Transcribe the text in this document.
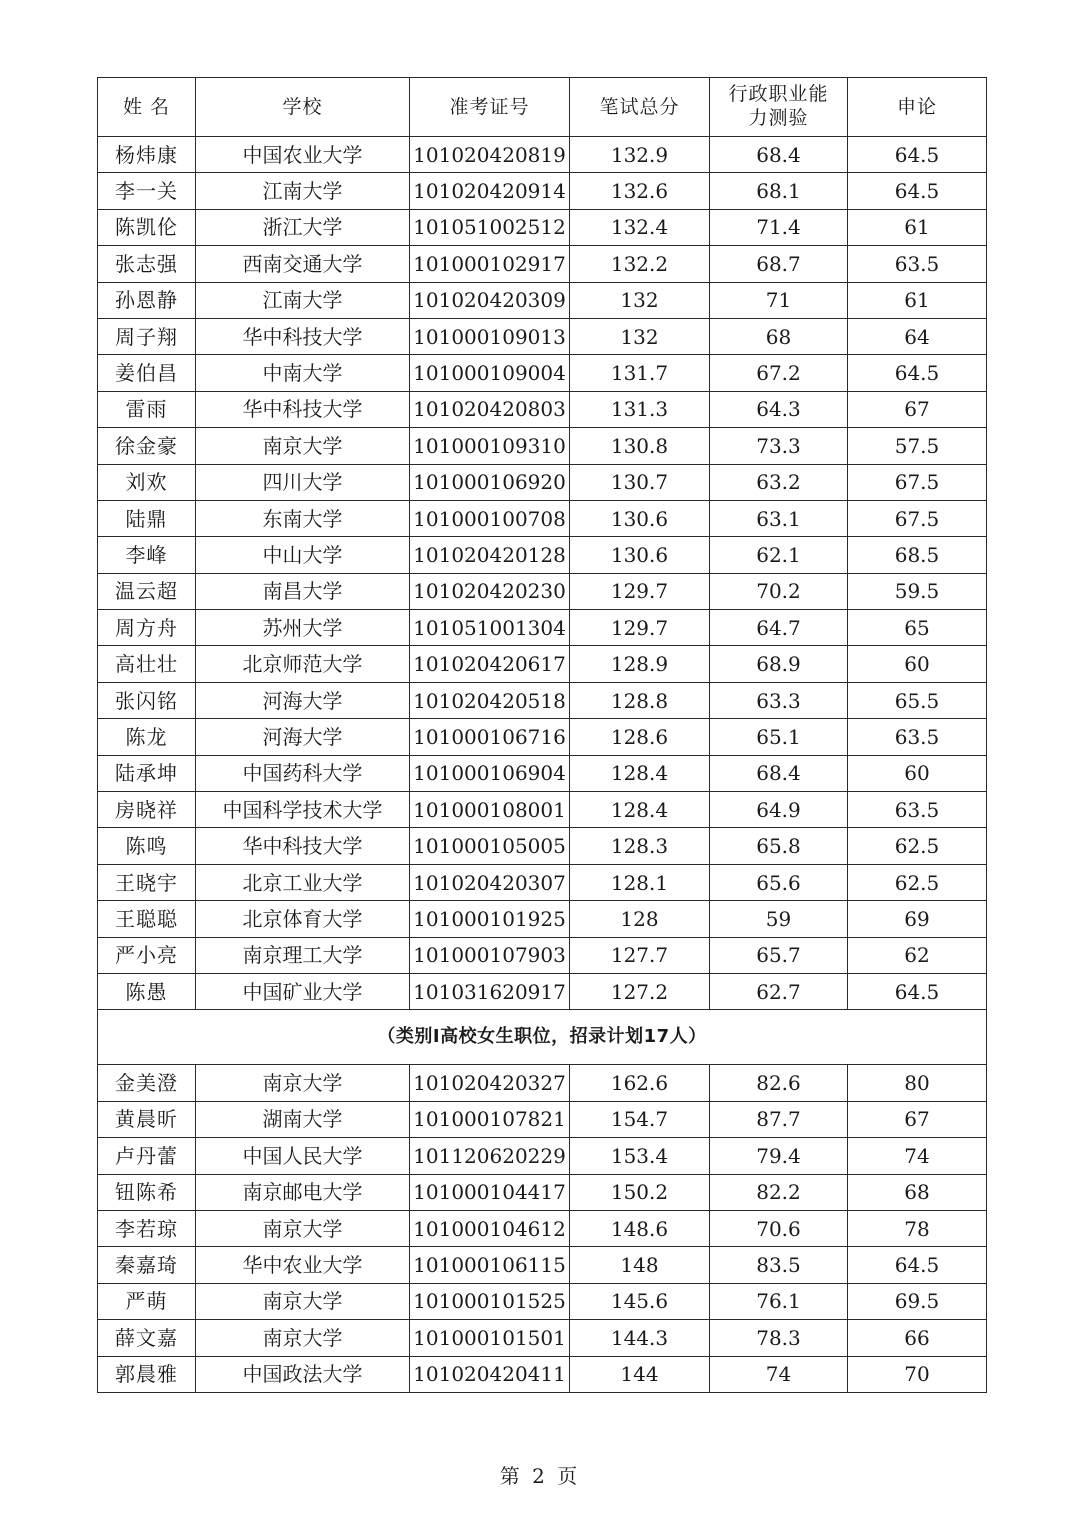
姓 名	学校	准考证号	笔试总分	行政职业能力测验	申论
杨炜康	中国农业大学	101020420819	132.9	68.4	64.5
李一关	江南大学	101020420914	132.6	68.1	64.5
陈凯伦	浙江大学	101051002512	132.4	71.4	61
张志强	西南交通大学	101000102917	132.2	68.7	63.5
孙恩静	江南大学	101020420309	132	71	61
周子翔	华中科技大学	101000109013	132	68	64
姜伯昌	中南大学	101000109004	131.7	67.2	64.5
雷雨	华中科技大学	101020420803	131.3	64.3	67
徐金豪	南京大学	101000109310	130.8	73.3	57.5
刘欢	四川大学	101000106920	130.7	63.2	67.5
陆鼎	东南大学	101000100708	130.6	63.1	67.5
李峰	中山大学	101020420128	130.6	62.1	68.5
温云超	南昌大学	101020420230	129.7	70.2	59.5
周方舟	苏州大学	101051001304	129.7	64.7	65
高壮壮	北京师范大学	101020420617	128.9	68.9	60
张闪铭	河海大学	101020420518	128.8	63.3	65.5
陈龙	河海大学	101000106716	128.6	65.1	63.5
陆承坤	中国药科大学	101000106904	128.4	68.4	60
房晓祥	中国科学技术大学	101000108001	128.4	64.9	63.5
陈鸣	华中科技大学	101000105005	128.3	65.8	62.5
王晓宇	北京工业大学	101020420307	128.1	65.6	62.5
王聪聪	北京体育大学	101000101925	128	59	69
严小亮	南京理工大学	101000107903	127.7	65.7	62
陈愚	中国矿业大学	101031620917	127.2	62.7	64.5
（类别I高校女生职位，招录计划17人）					
金美澄	南京大学	101020420327	162.6	82.6	80
黄晨昕	湖南大学	101000107821	154.7	87.7	67
卢丹蕾	中国人民大学	101120620229	153.4	79.4	74
钮陈希	南京邮电大学	101000104417	150.2	82.2	68
李若琼	南京大学	101000104612	148.6	70.6	78
秦嘉琦	华中农业大学	101000106115	148	83.5	64.5
严萌	南京大学	101000101525	145.6	76.1	69.5
薛文嘉	南京大学	101000101501	144.3	78.3	66
郭晨雅	中国政法大学	101020420411	144	74	70
第 2 页
